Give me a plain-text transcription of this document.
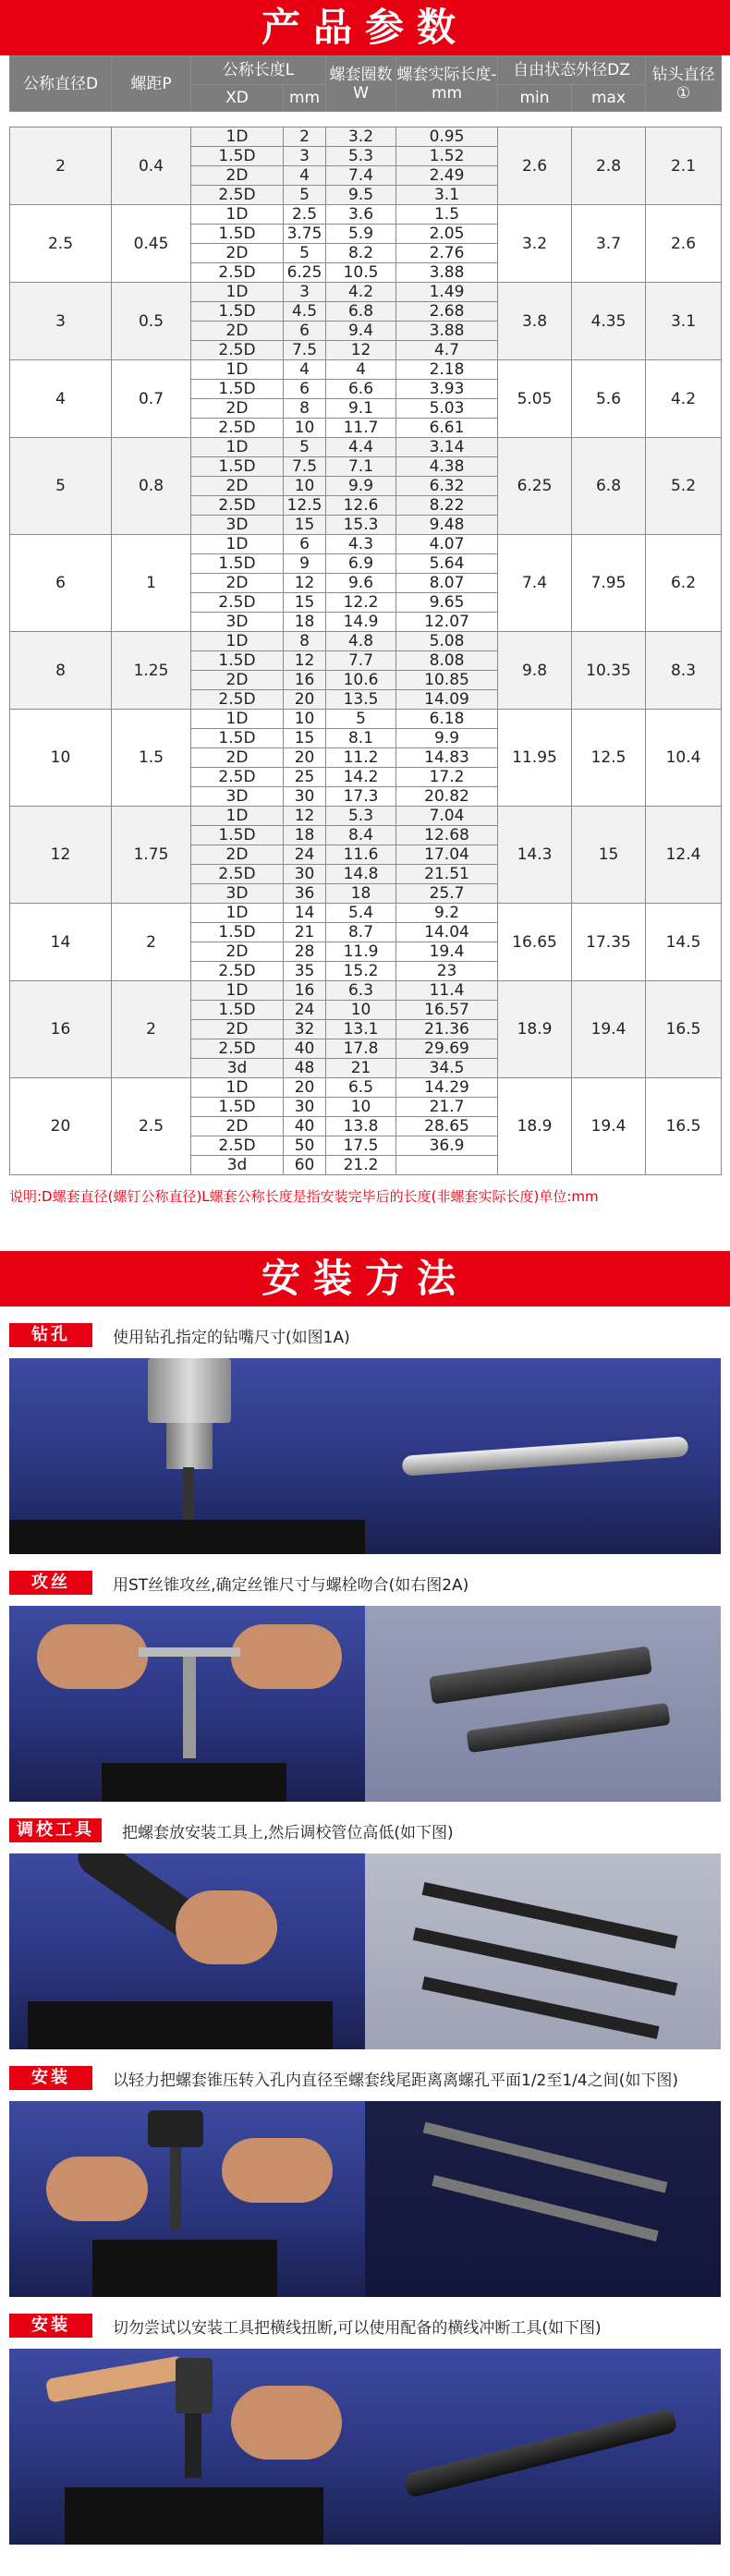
产品参数
公称直径D	螺距P	公称长度L		螺套圈数W	螺套实际长度-mm	自由状态外径DZ		钻头直径①
		XD	mm			min	max	

2	0.4	1D	2	3.2	0.95	2.6	2.8	2.1
		1.5D	3	5.3	1.52			
		2D	4	7.4	2.49			
		2.5D	5	9.5	3.1			
2.5	0.45	1D	2.5	3.6	1.5	3.2	3.7	2.6
		1.5D	3.75	5.9	2.05			
		2D	5	8.2	2.76			
		2.5D	6.25	10.5	3.88			
3	0.5	1D	3	4.2	1.49	3.8	4.35	3.1
		1.5D	4.5	6.8	2.68			
		2D	6	9.4	3.88			
		2.5D	7.5	12	4.7			
4	0.7	1D	4	4	2.18	5.05	5.6	4.2
		1.5D	6	6.6	3.93			
		2D	8	9.1	5.03			
		2.5D	10	11.7	6.61			
5	0.8	1D	5	4.4	3.14	6.25	6.8	5.2
		1.5D	7.5	7.1	4.38			
		2D	10	9.9	6.32			
		2.5D	12.5	12.6	8.22			
		3D	15	15.3	9.48			
6	1	1D	6	4.3	4.07	7.4	7.95	6.2
		1.5D	9	6.9	5.64			
		2D	12	9.6	8.07			
		2.5D	15	12.2	9.65			
		3D	18	14.9	12.07			
8	1.25	1D	8	4.8	5.08	9.8	10.35	8.3
		1.5D	12	7.7	8.08			
		2D	16	10.6	10.85			
		2.5D	20	13.5	14.09			
10	1.5	1D	10	5	6.18	11.95	12.5	10.4
		1.5D	15	8.1	9.9			
		2D	20	11.2	14.83			
		2.5D	25	14.2	17.2			
		3D	30	17.3	20.82			
12	1.75	1D	12	5.3	7.04	14.3	15	12.4
		1.5D	18	8.4	12.68			
		2D	24	11.6	17.04			
		2.5D	30	14.8	21.51			
		3D	36	18	25.7			
14	2	1D	14	5.4	9.2	16.65	17.35	14.5
		1.5D	21	8.7	14.04			
		2D	28	11.9	19.4			
		2.5D	35	15.2	23			
16	2	1D	16	6.3	11.4	18.9	19.4	16.5
		1.5D	24	10	16.57			
		2D	32	13.1	21.36			
		2.5D	40	17.8	29.69			
		3d	48	21	34.5			
20	2.5	1D	20	6.5	14.29	18.9	19.4	16.5
		1.5D	30	10	21.7			
		2D	40	13.8	28.65			
		2.5D	50	17.5	36.9			
		3d	60	21.2				
说明:D螺套直径(螺钉公称直径)L螺套公称长度是指安装完毕后的长度(非螺套实际长度)单位:mm
安装方法
钻孔	使用钻孔指定的钻嘴尺寸(如图1A)
攻丝	用ST丝锥攻丝,确定丝锥尺寸与螺栓吻合(如右图2A)
调校工具	把螺套放安装工具上,然后调校管位高低(如下图)
安装	以轻力把螺套锥压转入孔内直径至螺套线尾距离离螺孔平面1/2至1/4之间(如下图)
安装	切勿尝试以安装工具把横线扭断,可以使用配备的横线冲断工具(如下图)
